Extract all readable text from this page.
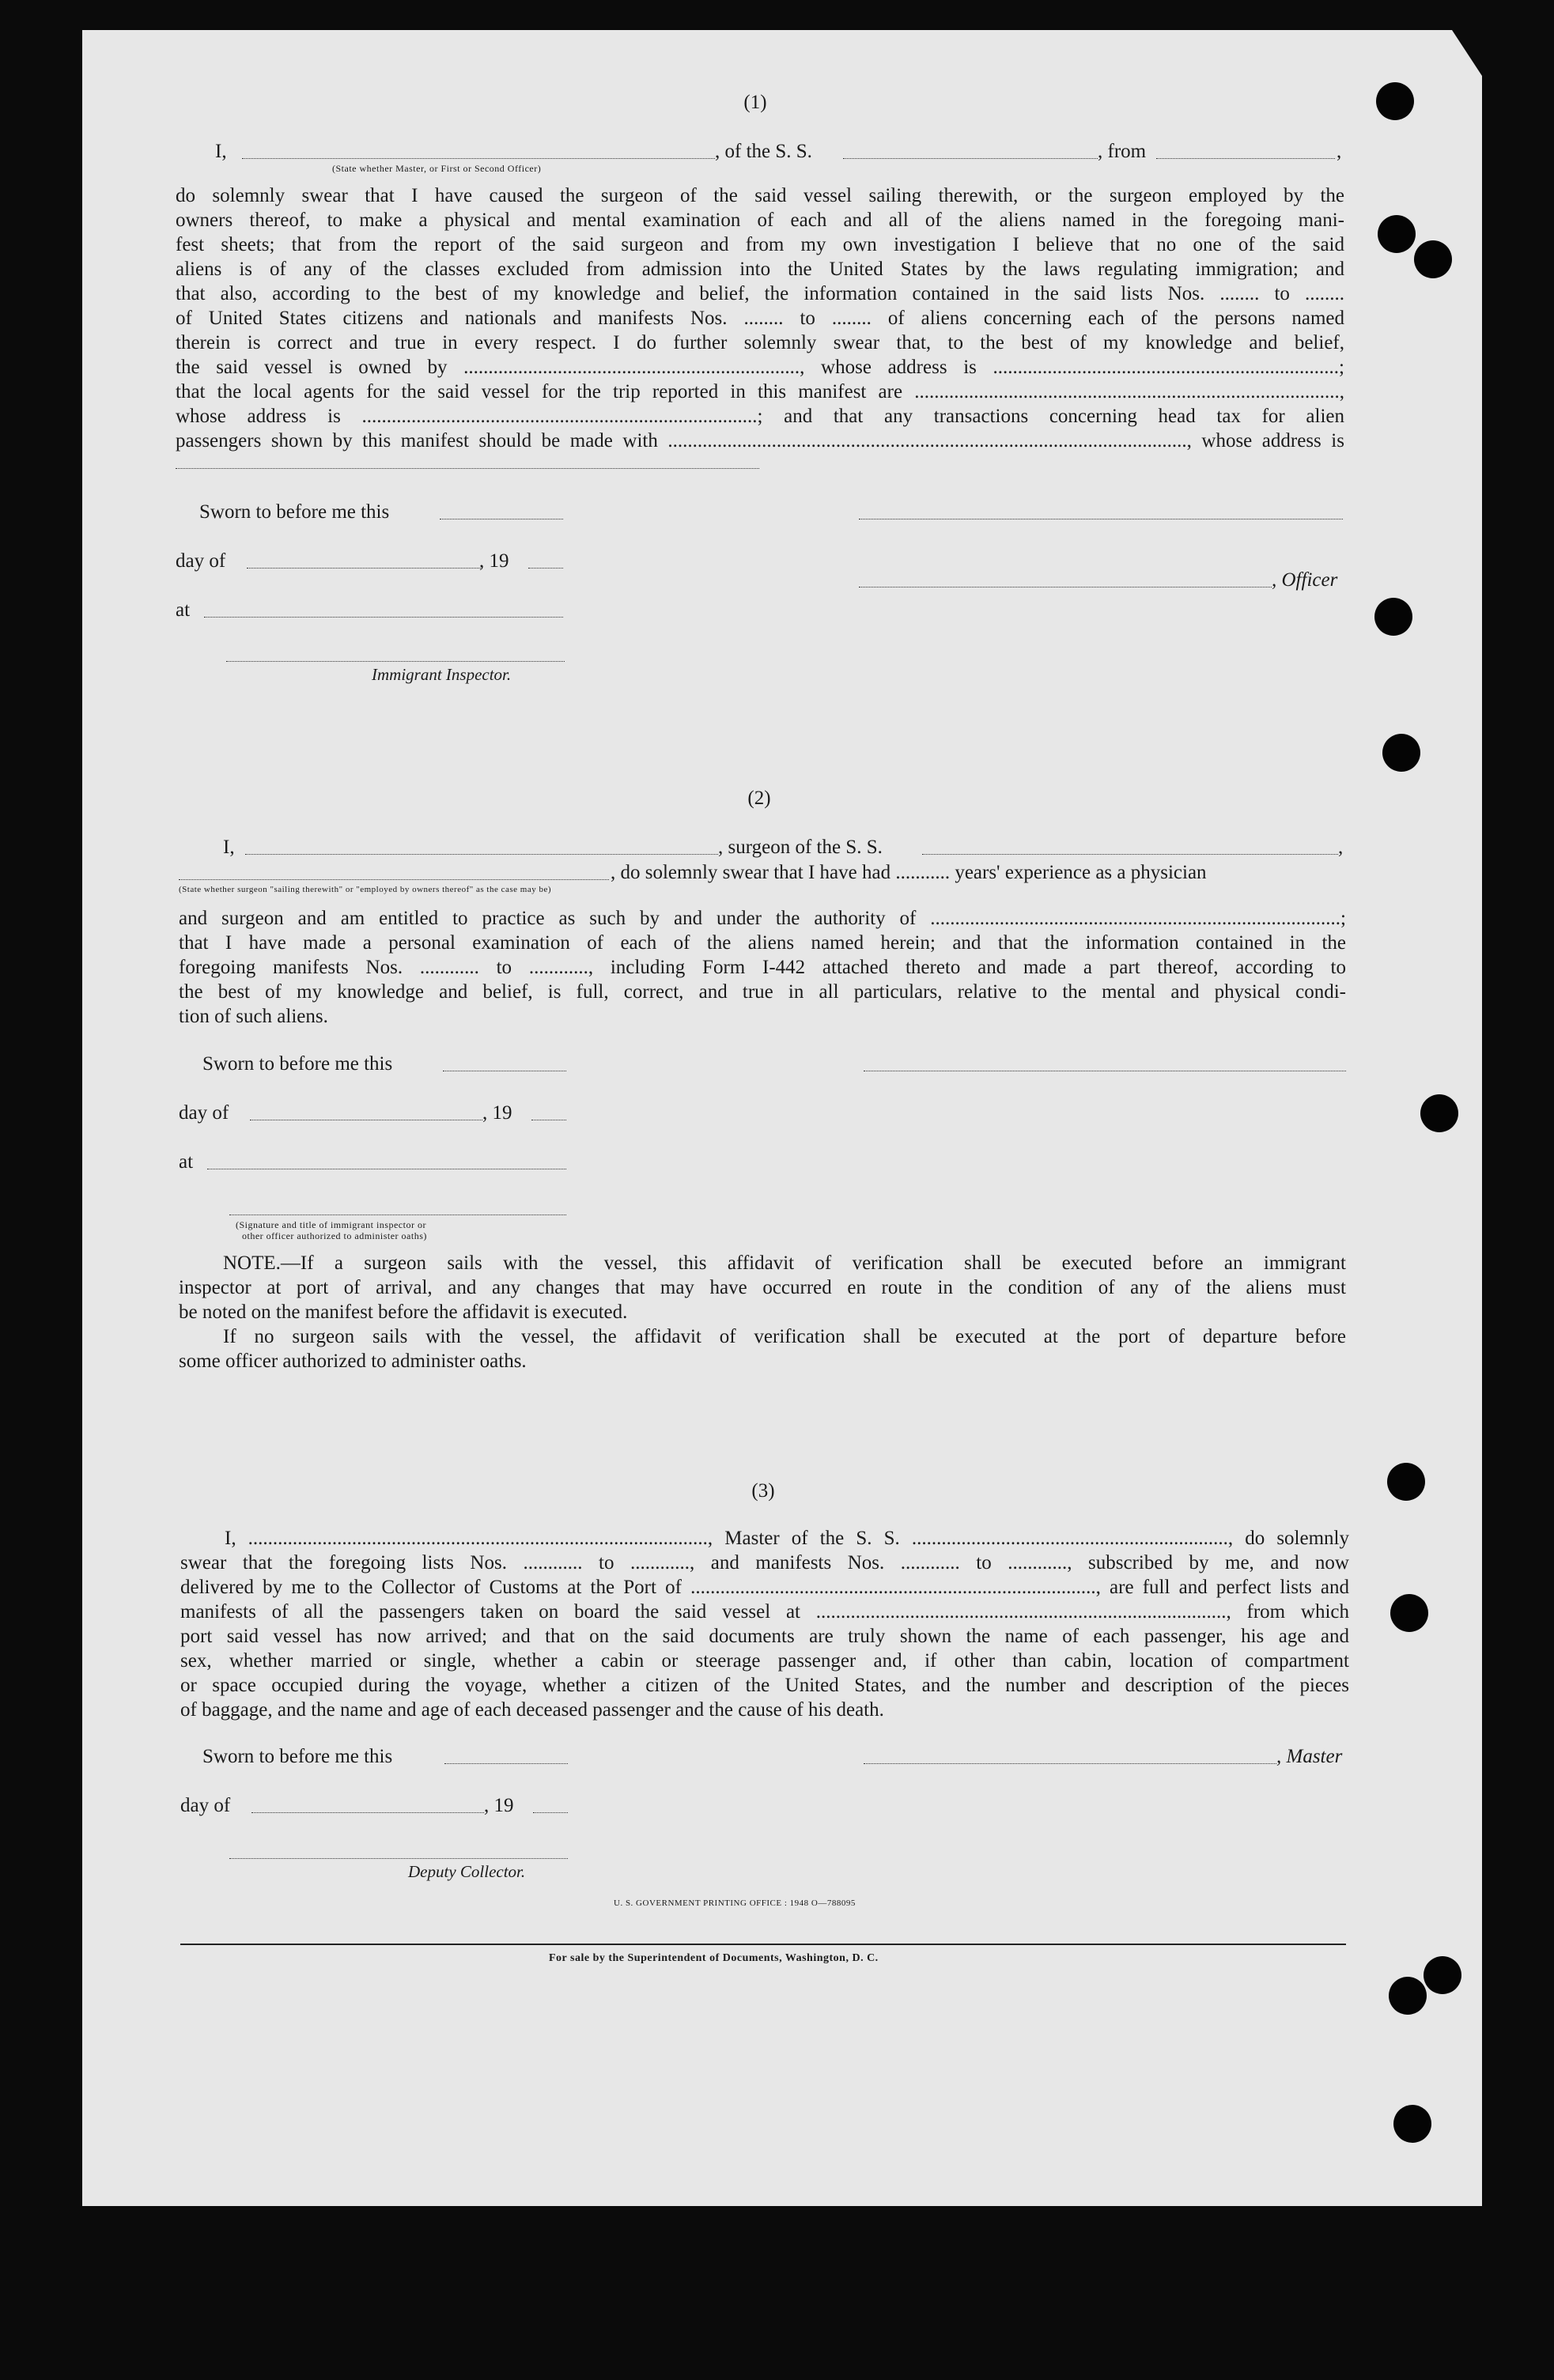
(1)
I,	, of the S. S.	, from	,
(State whether Master, or First or Second Officer)
do solemnly swear that I have caused the surgeon of the said vessel sailing therewith, or the surgeon employed by the
owners thereof, to make a physical and mental examination of each and all of the aliens named in the foregoing mani-
fest sheets; that from the report of the said surgeon and from my own investigation I believe that no one of the said
aliens is of any of the classes excluded from admission into the United States by the laws regulating immigration; and
that also, according to the best of my knowledge and belief, the information contained in the said lists Nos. ........ to ........
of United States citizens and nationals and manifests Nos. ........ to ........ of aliens concerning each of the persons named
therein is correct and true in every respect. I do further solemnly swear that, to the best of my knowledge and belief,
the said vessel is owned by ...................................................................., whose address is ......................................................................;
that the local agents for the said vessel for the trip reported in this manifest are ......................................................................................,
whose address is ................................................................................; and that any transactions concerning head tax for alien
passengers shown by this manifest should be made with ........................................................................................................., whose address is
Sworn to before me this
day of	, 19
, Officer
at
Immigrant Inspector.
(2)
I,	, surgeon of the S. S.	,
, do solemnly swear that I have had ........... years' experience as a physician
(State whether surgeon "sailing therewith" or "employed by owners thereof" as the case may be)
and surgeon and am entitled to practice as such by and under the authority of ...................................................................................;
that I have made a personal examination of each of the aliens named herein; and that the information contained in the
foregoing manifests Nos. ............ to ............, including Form I-442 attached thereto and made a part thereof, according to
the best of my knowledge and belief, is full, correct, and true in all particulars, relative to the mental and physical condi-
tion of such aliens.
Sworn to before me this
day of	, 19
at
(Signature and title of immigrant inspector or
other officer authorized to administer oaths)
NOTE.—If a surgeon sails with the vessel, this affidavit of verification shall be executed before an immigrant
inspector at port of arrival, and any changes that may have occurred en route in the condition of any of the aliens must
be noted on the manifest before the affidavit is executed.
If no surgeon sails with the vessel, the affidavit of verification shall be executed at the port of departure before
some officer authorized to administer oaths.
(3)
I, ............................................................................................., Master of the S. S. ................................................................, do solemnly
swear that the foregoing lists Nos. ............ to ............, and manifests Nos. ............ to ............, subscribed by me, and now
delivered by me to the Collector of Customs at the Port of .................................................................................., are full and perfect lists and
manifests of all the passengers taken on board the said vessel at ..................................................................................., from which
port said vessel has now arrived; and that on the said documents are truly shown the name of each passenger, his age and
sex, whether married or single, whether a cabin or steerage passenger and, if other than cabin, location of compartment
or space occupied during the voyage, whether a citizen of the United States, and the number and description of the pieces
of baggage, and the name and age of each deceased passenger and the cause of his death.
Sworn to before me this	, Master
day of	, 19
Deputy Collector.
U. S. GOVERNMENT PRINTING OFFICE : 1948 O—788095
For sale by the Superintendent of Documents, Washington, D. C.
